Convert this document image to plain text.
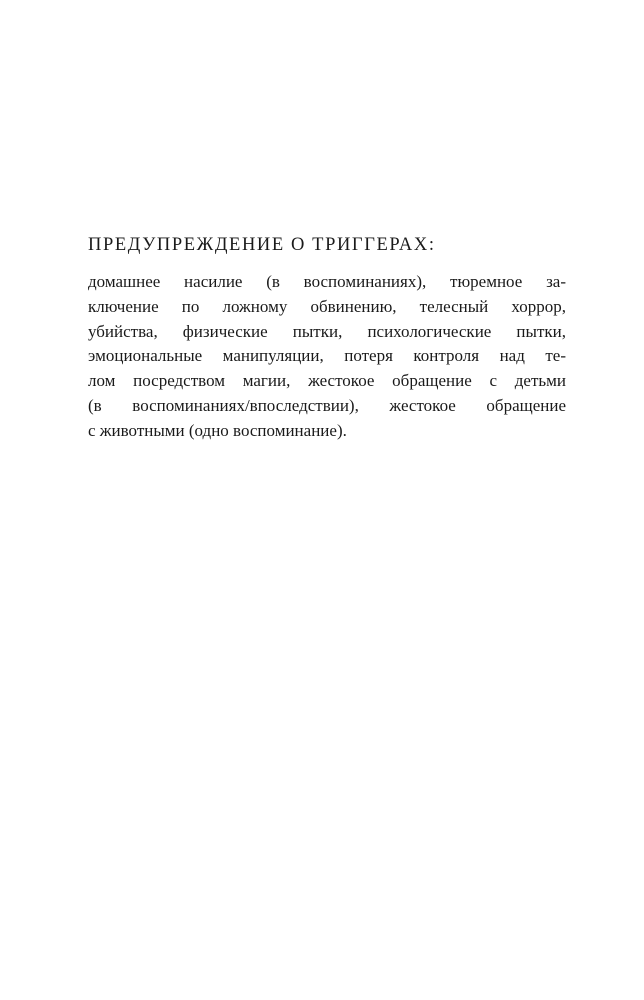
ПРЕДУПРЕЖДЕНИЕ О ТРИГГЕРАХ:
домашнее насилие (в воспоминаниях), тюремное за-
ключение по ложному обвинению, телесный хоррор,
убийства, физические пытки, психологические пытки,
эмоциональные манипуляции, потеря контроля над те-
лом посредством магии, жестокое обращение с детьми
(в воспоминаниях/впоследствии), жестокое обращение
с животными (одно воспоминание).
